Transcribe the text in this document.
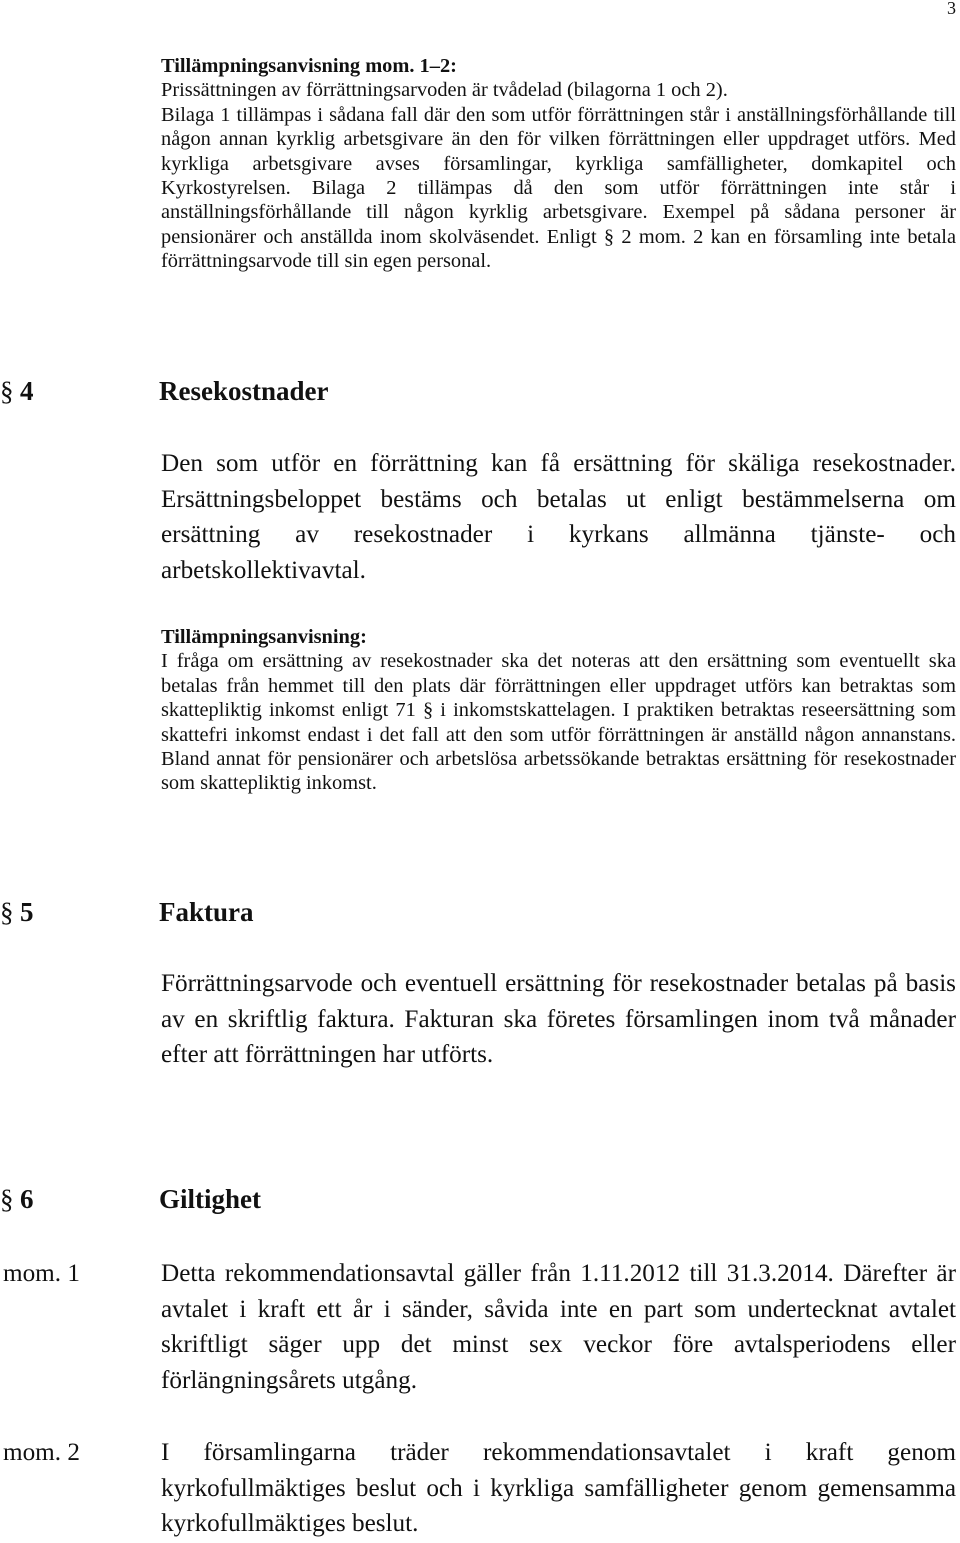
3

Tillämpningsanvisning mom. 1–2:

Prissättningen av förrättningsarvoden är tvådelad (bilagorna 1 och 2).

Bilaga 1 tillämpas i sådana fall där den som utför förrättningen står i anställningsförhållande till någon annan kyrklig arbetsgivare än den för vilken förrättningen eller uppdraget utförs. Med kyrkliga arbetsgivare avses församlingar, kyrkliga samfälligheter, domkapitel och Kyrkostyrelsen. Bilaga 2 tillämpas då den som utför förrättningen inte står i anställningsförhållande till någon kyrklig arbetsgivare. Exempel på sådana personer är pensionärer och anställda inom skolväsendet. Enligt § 2 mom. 2 kan en församling inte betala förrättningsarvode till sin egen personal.

§ 4	Resekostnader

Den som utför en förrättning kan få ersättning för skäliga resekostnader. Ersättningsbeloppet bestäms och betalas ut enligt bestämmelserna om ersättning av resekostnader i kyrkans allmänna tjänste- och arbetskollektivavtal.

Tillämpningsanvisning:

I fråga om ersättning av resekostnader ska det noteras att den ersättning som eventuellt ska betalas från hemmet till den plats där förrättningen eller uppdraget utförs kan betraktas som skattepliktig inkomst enligt 71 § i inkomstskattelagen. I praktiken betraktas reseersättning som skattefri inkomst endast i det fall att den som utför förrättningen är anställd någon annanstans. Bland annat för pensionärer och arbetslösa arbetssökande betraktas ersättning för resekostnader som skattepliktig inkomst.

§ 5	Faktura

Förrättningsarvode och eventuell ersättning för resekostnader betalas på basis av en skriftlig faktura. Fakturan ska företes församlingen inom två månader efter att förrättningen har utförts.

§ 6	Giltighet
mom. 1	Detta rekommendationsavtal gäller från 1.11.2012 till 31.3.2014. Därefter är avtalet i kraft ett år i sänder, såvida inte en part som undertecknat avtalet skriftligt säger upp det minst sex veckor före avtalsperiodens eller förlängningsårets utgång.

mom. 2	I församlingarna träder rekommendationsavtalet i kraft genom kyrkofullmäktiges beslut och i kyrkliga samfälligheter genom gemensamma kyrkofullmäktiges beslut.
